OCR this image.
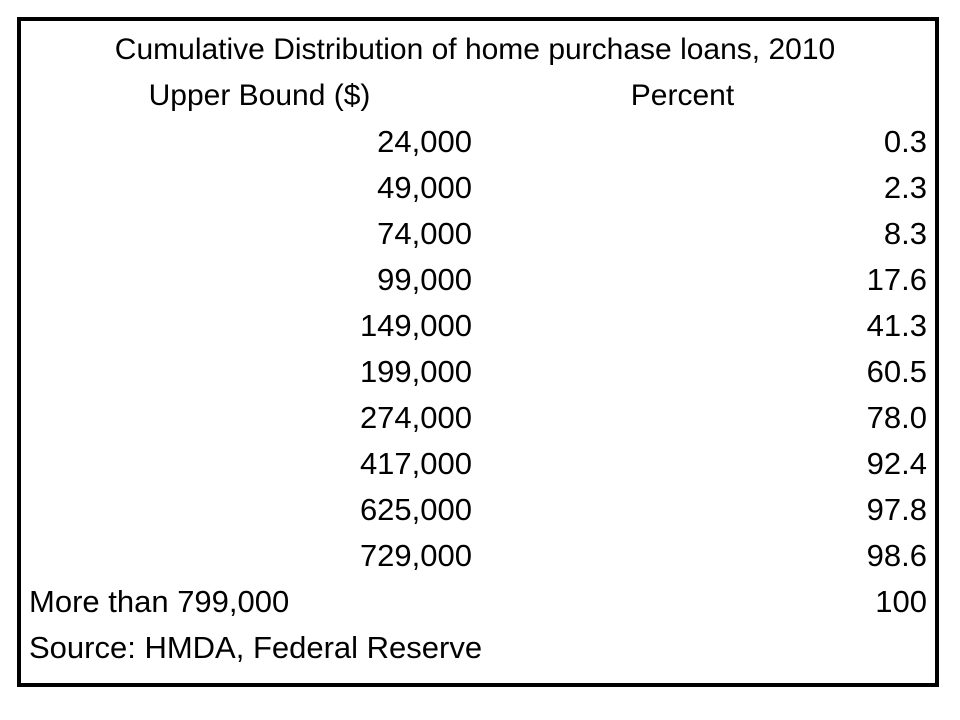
Cumulative Distribution of home purchase loans, 2010
Upper Bound ($)	Percent
24,000	0.3
49,000	2.3
74,000	8.3
99,000	17.6
149,000	41.3
199,000	60.5
274,000	78.0
417,000	92.4
625,000	97.8
729,000	98.6
More than 799,000	100
Source: HMDA, Federal Reserve
